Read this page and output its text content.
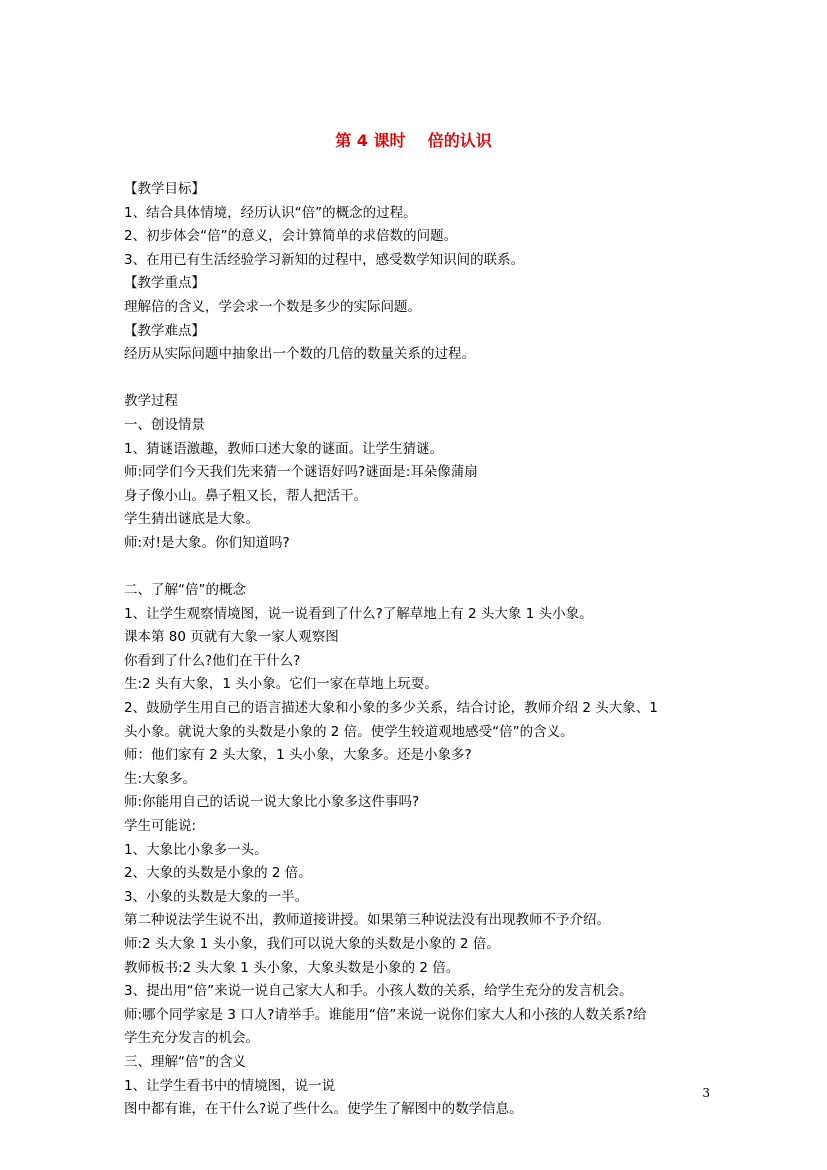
第 4 课时    倍的认识
【教学目标】
1、结合具体情境，经历认识“倍”的概念的过程。
2、初步体会“倍”的意义，会计算简单的求倍数的问题。
3、在用已有生活经验学习新知的过程中，感受数学知识间的联系。
【教学重点】
理解倍的含义，学会求一个数是多少的实际问题。
【教学难点】
经历从实际问题中抽象出一个数的几倍的数量关系的过程。
教学过程
一、创设情景
1、猜谜语激趣，教师口述大象的谜面。让学生猜谜。
师:同学们今天我们先来猜一个谜语好吗?谜面是:耳朵像蒲扇
身子像小山。鼻子粗又长，帮人把活干。
学生猜出谜底是大象。
师:对!是大象。你们知道吗?
二、了解“倍”的概念
1、让学生观察情境图，说一说看到了什么?了解草地上有 2 头大象 1 头小象。
课本第 80 页就有大象一家人观察图
你看到了什么?他们在干什么?
生:2 头有大象，1 头小象。它们一家在草地上玩耍。
2、鼓励学生用自己的语言描述大象和小象的多少关系，结合讨论，教师介绍 2 头大象、1
头小象。就说大象的头数是小象的 2 倍。使学生较道观地感受“倍”的含义。
师：他们家有 2 头大象，1 头小象，大象多。还是小象多?
生:大象多。
师:你能用自己的话说一说大象比小象多这件事吗?
学生可能说:
1、大象比小象多一头。
2、大象的头数是小象的 2 倍。
3、小象的头数是大象的一半。
第二种说法学生说不出，教师道接讲授。如果第三种说法没有出现教师不予介绍。
师:2 头大象 1 头小象，我们可以说大象的头数是小象的 2 倍。
教师板书:2 头大象 1 头小象，大象头数是小象的 2 倍。
3、提出用“倍”来说一说自己家大人和手。小孩人数的关系，给学生充分的发言机会。
师:哪个同学家是 3 口人?请举手。谁能用“倍”来说一说你们家大人和小孩的人数关系?给
学生充分发言的机会。
三、理解“倍”的含义
1、让学生看书中的情境图，说一说
图中都有谁，在干什么?说了些什么。使学生了解图中的数学信息。
3
